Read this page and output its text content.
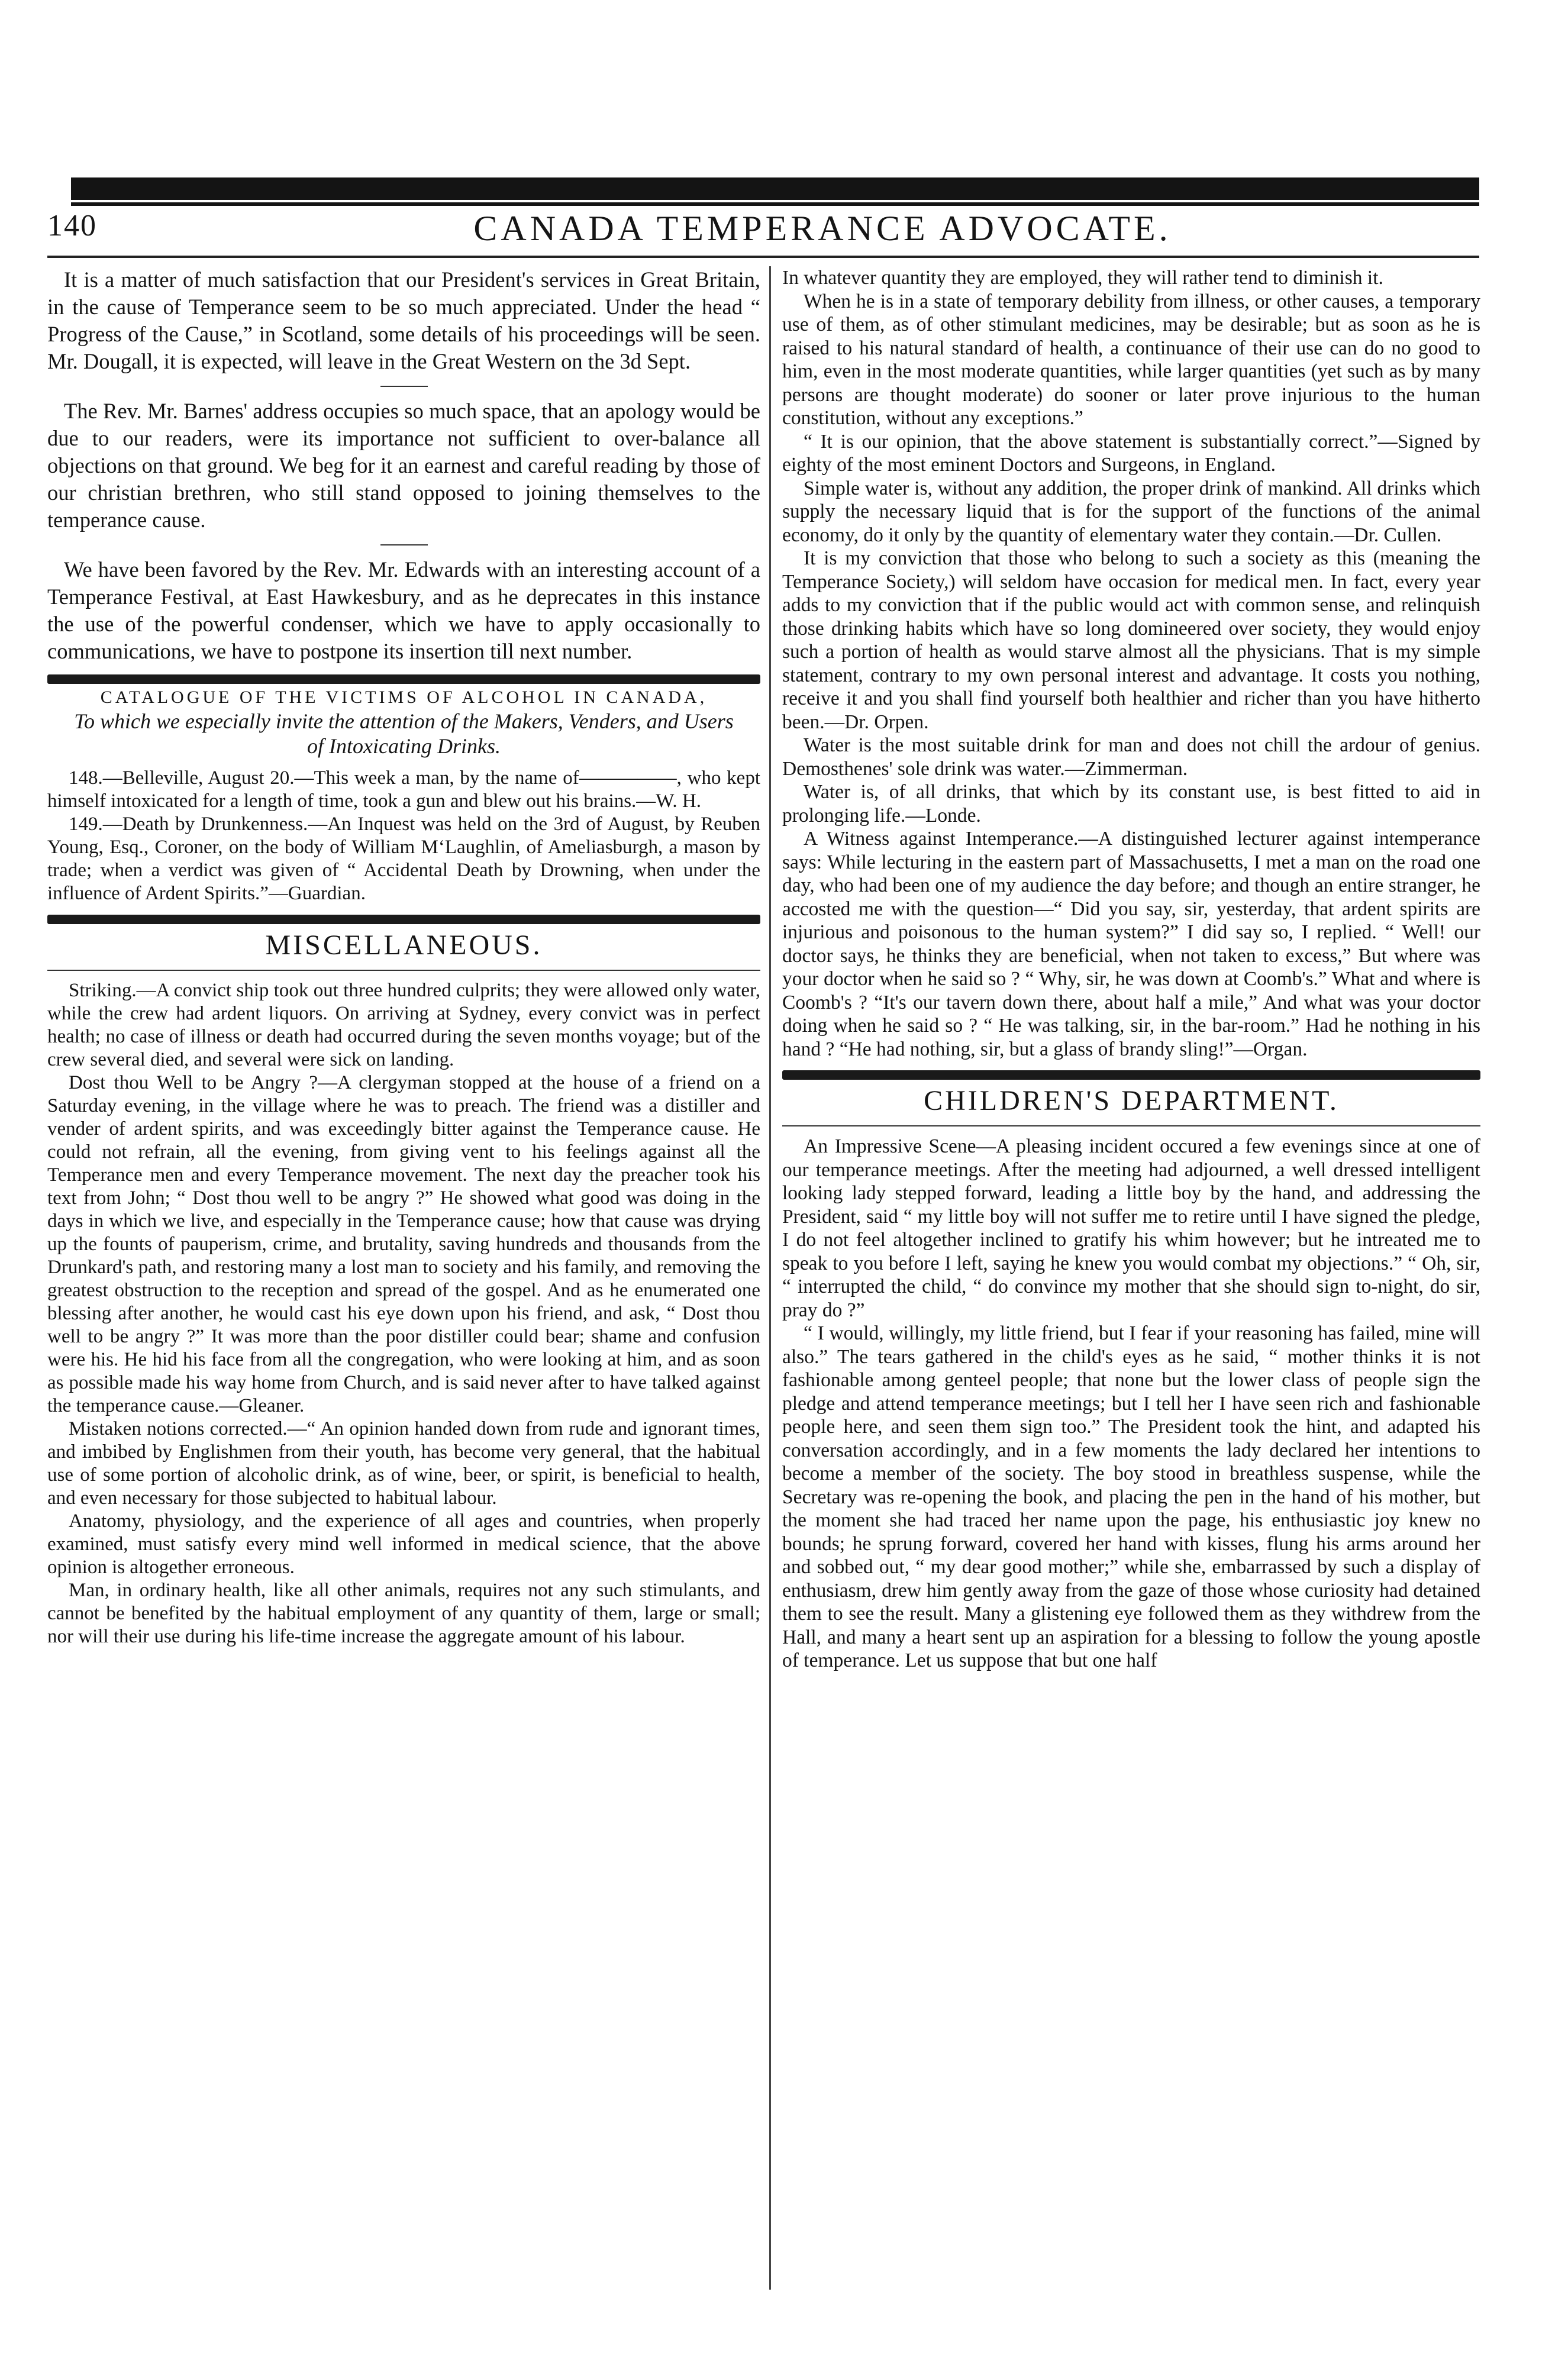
140	CANADA TEMPERANCE ADVOCATE.

It is a matter of much satisfaction that our President's services in Great Britain, in the cause of Temperance seem to be so much appreciated. Under the head “ Progress of the Cause,” in Scotland, some details of his proceedings will be seen. Mr. Dougall, it is expected, will leave in the Great Western on the 3d Sept.

The Rev. Mr. Barnes' address occupies so much space, that an apology would be due to our readers, were its importance not sufficient to over-balance all objections on that ground. We beg for it an earnest and careful reading by those of our christian brethren, who still stand opposed to joining themselves to the temperance cause.

We have been favored by the Rev. Mr. Edwards with an interesting account of a Temperance Festival, at East Hawkesbury, and as he deprecates in this instance the use of the powerful condenser, which we have to apply occasionally to communications, we have to postpone its insertion till next number.

CATALOGUE OF THE VICTIMS OF ALCOHOL IN CANADA,
To which we especially invite the attention of the Makers, Venders, and Users of Intoxicating Drinks.

148.—Belleville, August 20.—This week a man, by the name of—————, who kept himself intoxicated for a length of time, took a gun and blew out his brains.—W. H.

149.—Death by Drunkenness.—An Inquest was held on the 3rd of August, by Reuben Young, Esq., Coroner, on the body of William M‘Laughlin, of Ameliasburgh, a mason by trade; when a verdict was given of “ Accidental Death by Drowning, when under the influence of Ardent Spirits.”—Guardian.

MISCELLANEOUS.

Striking.—A convict ship took out three hundred culprits; they were allowed only water, while the crew had ardent liquors. On arriving at Sydney, every convict was in perfect health; no case of illness or death had occurred during the seven months voyage; but of the crew several died, and several were sick on landing.

Dost thou Well to be Angry ?—A clergyman stopped at the house of a friend on a Saturday evening, in the village where he was to preach. The friend was a distiller and vender of ardent spirits, and was exceedingly bitter against the Temperance cause. He could not refrain, all the evening, from giving vent to his feelings against all the Temperance men and every Temperance movement. The next day the preacher took his text from John; “ Dost thou well to be angry ?” He showed what good was doing in the days in which we live, and especially in the Temperance cause; how that cause was drying up the founts of pauperism, crime, and brutality, saving hundreds and thousands from the Drunkard's path, and restoring many a lost man to society and his family, and removing the greatest obstruction to the reception and spread of the gospel. And as he enumerated one blessing after another, he would cast his eye down upon his friend, and ask, “ Dost thou well to be angry ?” It was more than the poor distiller could bear; shame and confusion were his. He hid his face from all the congregation, who were looking at him, and as soon as possible made his way home from Church, and is said never after to have talked against the temperance cause.—Gleaner.

Mistaken notions corrected.—“ An opinion handed down from rude and ignorant times, and imbibed by Englishmen from their youth, has become very general, that the habitual use of some portion of alcoholic drink, as of wine, beer, or spirit, is beneficial to health, and even necessary for those subjected to habitual labour.

Anatomy, physiology, and the experience of all ages and countries, when properly examined, must satisfy every mind well informed in medical science, that the above opinion is altogether erroneous.

Man, in ordinary health, like all other animals, requires not any such stimulants, and cannot be benefited by the habitual employment of any quantity of them, large or small; nor will their use during his life-time increase the aggregate amount of his labour.

In whatever quantity they are employed, they will rather tend to diminish it.

When he is in a state of temporary debility from illness, or other causes, a temporary use of them, as of other stimulant medicines, may be desirable; but as soon as he is raised to his natural standard of health, a continuance of their use can do no good to him, even in the most moderate quantities, while larger quantities (yet such as by many persons are thought moderate) do sooner or later prove injurious to the human constitution, without any exceptions.”

“ It is our opinion, that the above statement is substantially correct.”—Signed by eighty of the most eminent Doctors and Surgeons, in England.

Simple water is, without any addition, the proper drink of mankind. All drinks which supply the necessary liquid that is for the support of the functions of the animal economy, do it only by the quantity of elementary water they contain.—Dr. Cullen.

It is my conviction that those who belong to such a society as this (meaning the Temperance Society,) will seldom have occasion for medical men. In fact, every year adds to my conviction that if the public would act with common sense, and relinquish those drinking habits which have so long domineered over society, they would enjoy such a portion of health as would starve almost all the physicians. That is my simple statement, contrary to my own personal interest and advantage. It costs you nothing, receive it and you shall find yourself both healthier and richer than you have hitherto been.—Dr. Orpen.

Water is the most suitable drink for man and does not chill the ardour of genius. Demosthenes' sole drink was water.—Zimmerman.

Water is, of all drinks, that which by its constant use, is best fitted to aid in prolonging life.—Londe.

A Witness against Intemperance.—A distinguished lecturer against intemperance says: While lecturing in the eastern part of Massachusetts, I met a man on the road one day, who had been one of my audience the day before; and though an entire stranger, he accosted me with the question—“ Did you say, sir, yesterday, that ardent spirits are injurious and poisonous to the human system?” I did say so, I replied. “ Well! our doctor says, he thinks they are beneficial, when not taken to excess,” But where was your doctor when he said so ? “ Why, sir, he was down at Coomb's.” What and where is Coomb's ? “It's our tavern down there, about half a mile,” And what was your doctor doing when he said so ? “ He was talking, sir, in the bar-room.” Had he nothing in his hand ? “He had nothing, sir, but a glass of brandy sling!”—Organ.

CHILDREN'S DEPARTMENT.

An Impressive Scene—A pleasing incident occured a few evenings since at one of our temperance meetings. After the meeting had adjourned, a well dressed intelligent looking lady stepped forward, leading a little boy by the hand, and addressing the President, said “ my little boy will not suffer me to retire until I have signed the pledge, I do not feel altogether inclined to gratify his whim however; but he intreated me to speak to you before I left, saying he knew you would combat my objections.” “ Oh, sir, “ interrupted the child, “ do convince my mother that she should sign to-night, do sir, pray do ?”

“ I would, willingly, my little friend, but I fear if your reasoning has failed, mine will also.” The tears gathered in the child's eyes as he said, “ mother thinks it is not fashionable among genteel people; that none but the lower class of people sign the pledge and attend temperance meetings; but I tell her I have seen rich and fashionable people here, and seen them sign too.” The President took the hint, and adapted his conversation accordingly, and in a few moments the lady declared her intentions to become a member of the society. The boy stood in breathless suspense, while the Secretary was re-opening the book, and placing the pen in the hand of his mother, but the moment she had traced her name upon the page, his enthusiastic joy knew no bounds; he sprung forward, covered her hand with kisses, flung his arms around her and sobbed out, “ my dear good mother;” while she, embarrassed by such a display of enthusiasm, drew him gently away from the gaze of those whose curiosity had detained them to see the result. Many a glistening eye followed them as they withdrew from the Hall, and many a heart sent up an aspiration for a blessing to follow the young apostle of temperance. Let us suppose that but one half
